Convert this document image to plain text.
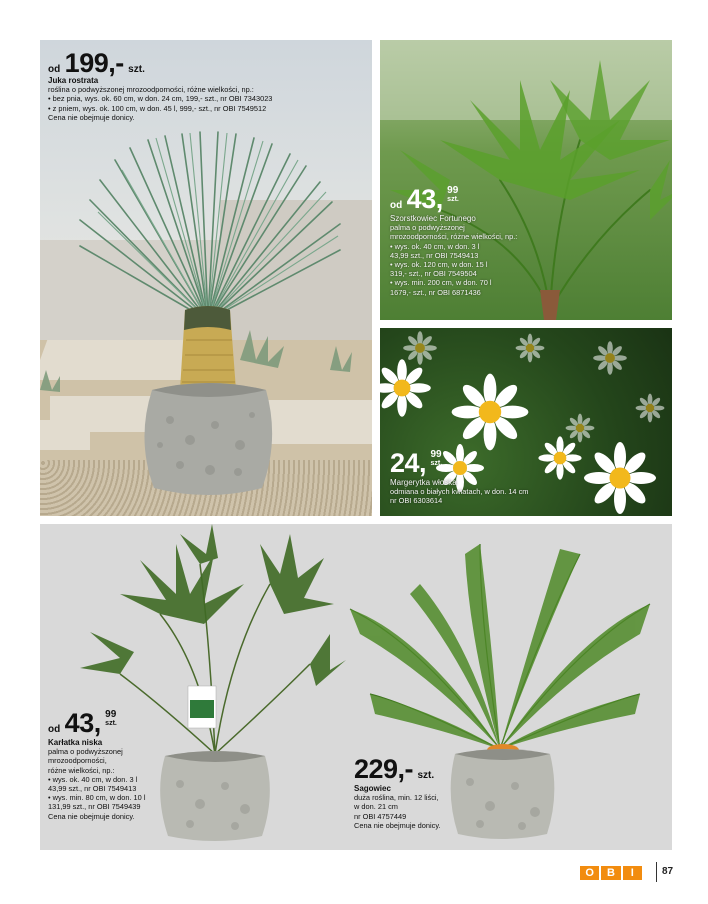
od 199,- szt.
Juka rostrata
roślina o podwyższonej mrozoodporności, różne wielkości, np.:
• bez pnia, wys. ok. 60 cm, w don. 24 cm, 199,- szt., nr OBI 7343023
• z pniem, wys. ok. 100 cm, w don. 45 l, 999,- szt., nr OBI 7549512
Cena nie obejmuje donicy.
od 43, 99
szt.
Szorstkowiec Fortunego
palma o podwyższonej
mrozoodporności, różne wielkości, np.:
• wys. ok. 40 cm, w don. 3 l
43,99 szt., nr OBI 7549413
• wys. ok. 120 cm, w don. 15 l
319,- szt., nr OBI 7549504
• wys. min. 200 cm, w don. 70 l
1679,- szt., nr OBI 6871436
24, 99
szt.
Margerytka włoska
odmiana o białych kwiatach, w don. 14 cm
nr OBI 6303614
od 43, 99
szt.
Karłatka niska
palma o podwyższonej
mrozoodporności,
różne wielkości, np.:
• wys. ok. 40 cm, w don. 3 l
43,99 szt., nr OBI 7549413
• wys. min. 80 cm, w don. 10 l
131,99 szt., nr OBI 7549439
Cena nie obejmuje donicy.
229,- szt.
Sagowiec
duża roślina, min. 12 liści,
w don. 21 cm
nr OBI 4757449
Cena nie obejmuje donicy.
O	B	I	87
